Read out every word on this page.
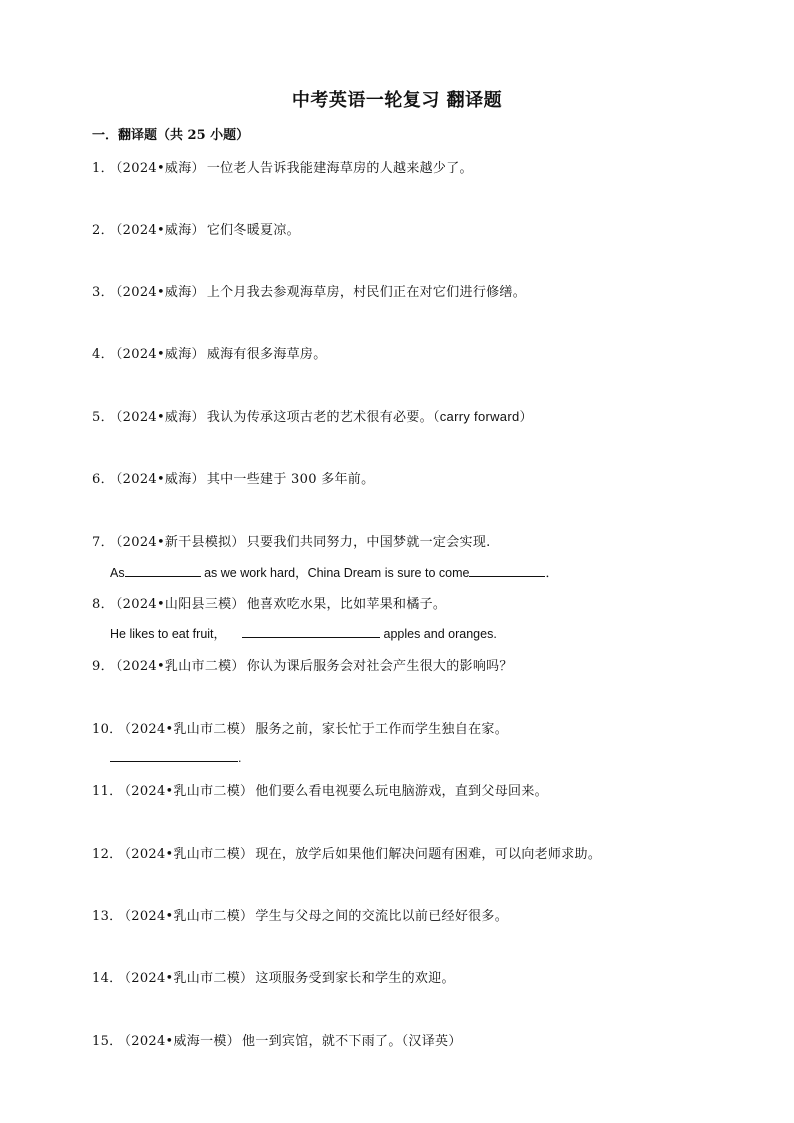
中考英语一轮复习 翻译题
一．翻译题（共 25 小题）
1． （2024•威海） 一位老人告诉我能建海草房的人越来越少了。
2． （2024•威海） 它们冬暖夏凉。
3． （2024•威海） 上个月我去参观海草房，村民们正在对它们进行修缮。
4． （2024•威海） 威海有很多海草房。
5． （2024•威海） 我认为传承这项古老的艺术很有必要。（carry forward）
6． （2024•威海） 其中一些建于 300 多年前。
7． （2024•新干县模拟） 只要我们共同努力，中国梦就一定会实现.
As	as we work hard，China Dream is sure to come	．
8． （2024•山阳县三模） 他喜欢吃水果，比如苹果和橘子。
He likes to eat fruit，	apples and oranges.
9． （2024•乳山市二模） 你认为课后服务会对社会产生很大的影响吗？
10． （2024•乳山市二模） 服务之前，家长忙于工作而学生独自在家。
.
11． （2024•乳山市二模） 他们要么看电视要么玩电脑游戏，直到父母回来。
12． （2024•乳山市二模） 现在，放学后如果他们解决问题有困难，可以向老师求助。
13． （2024•乳山市二模） 学生与父母之间的交流比以前已经好很多。
14． （2024•乳山市二模） 这项服务受到家长和学生的欢迎。
15． （2024•威海一模） 他一到宾馆，就不下雨了。（汉译英）
